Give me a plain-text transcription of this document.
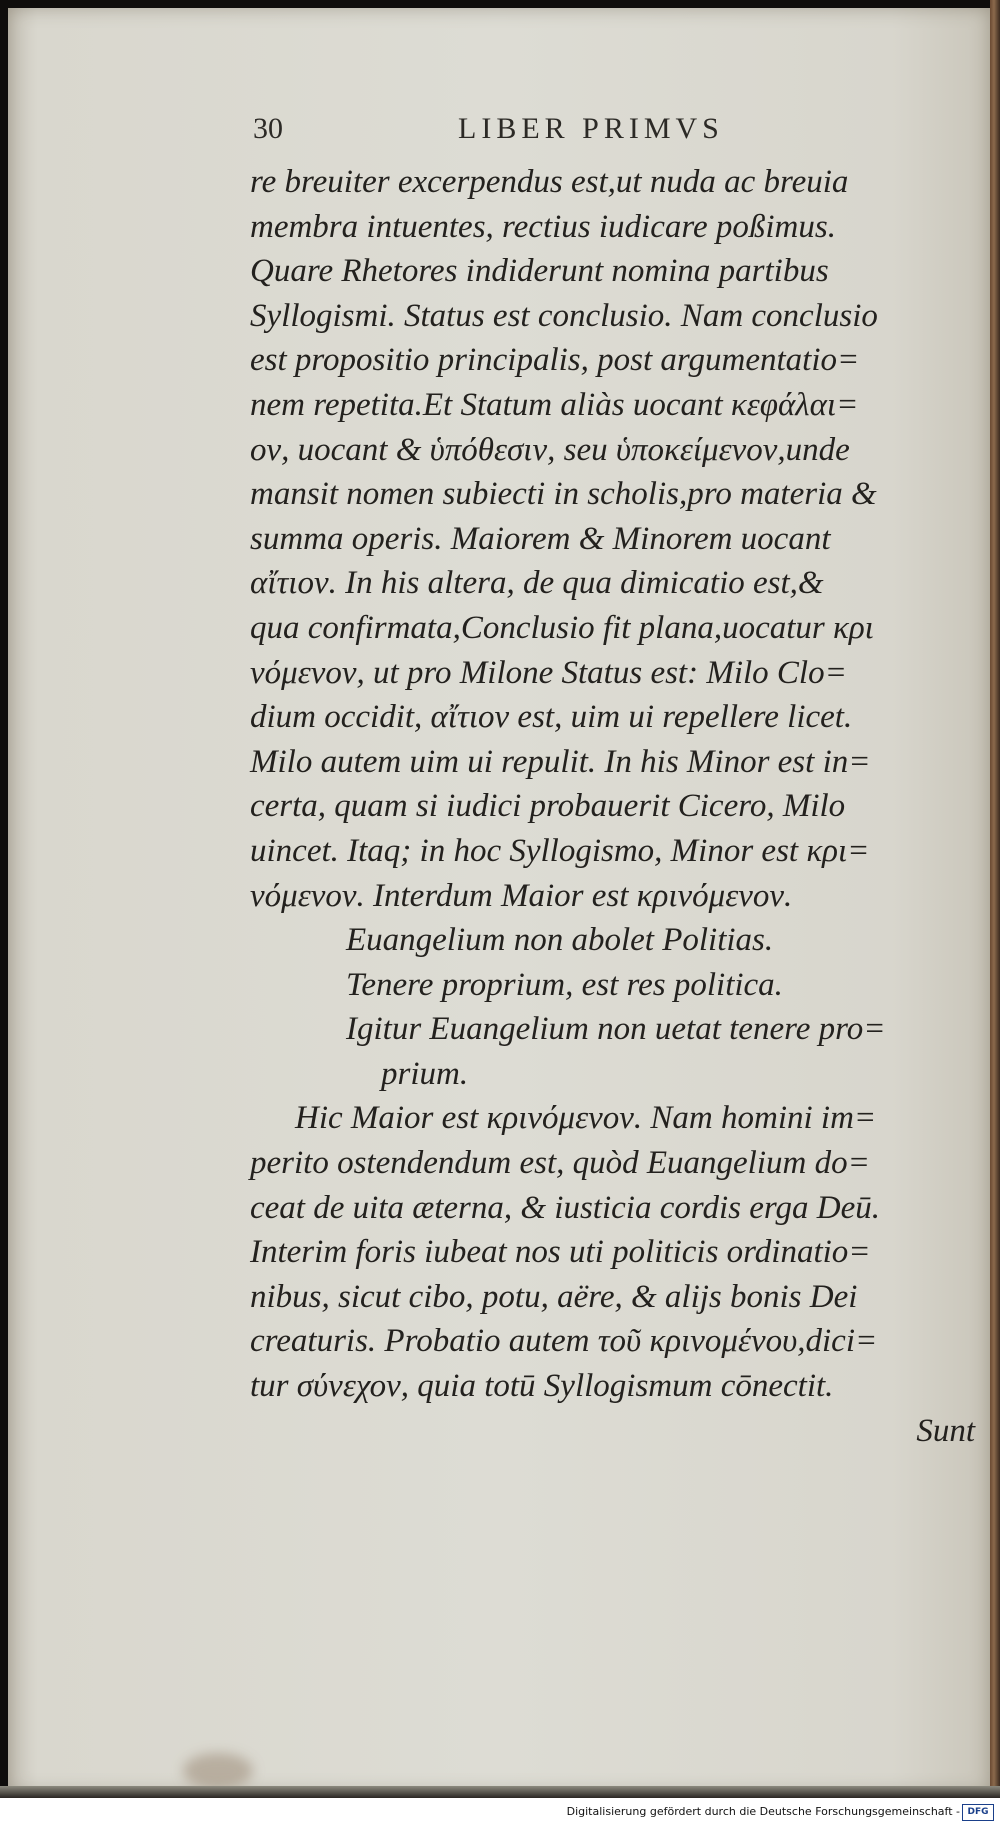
30	LIBER PRIMVS
re breuiter excerpendus est,ut nuda ac breuia
membra intuentes, rectius iudicare poßimus.
Quare Rhetores indiderunt nomina partibus
Syllogismi. Status est conclusio. Nam conclusio
est propositio principalis, post argumentatio=
nem repetita.Et Statum aliàs uocant κεφάλαι=
ον, uocant & ὑπόθεσιν, seu ὑποκείμενον,unde
mansit nomen subiecti in scholis,pro materia &
summa operis. Maiorem & Minorem uocant
αἴτιον. In his altera, de qua dimicatio est,&
qua confirmata,Conclusio fit plana,uocatur κρι
νόμενον, ut pro Milone Status est: Milo Clo=
dium occidit, αἴτιον est, uim ui repellere licet.
Milo autem uim ui repulit. In his Minor est in=
certa, quam si iudici probauerit Cicero, Milo
uincet. Itaq; in hoc Syllogismo, Minor est κρι=
νόμενον. Interdum Maior est κρινόμενον.
Euangelium non abolet Politias.
Tenere proprium, est res politica.
Igitur Euangelium non uetat tenere pro=
prium.
Hic Maior est κρινόμενον. Nam homini im=
perito ostendendum est, quòd Euangelium do=
ceat de uita æterna, & iusticia cordis erga Deū.
Interim foris iubeat nos uti politicis ordinatio=
nibus, sicut cibo, potu, aëre, & alijs bonis Dei
creaturis. Probatio autem τοῦ κρινομένου,dici=
tur σύνεχον, quia totū Syllogismum cōnectit.
Sunt
Digitalisierung gefördert durch die Deutsche Forschungsgemeinschaft - DFG
